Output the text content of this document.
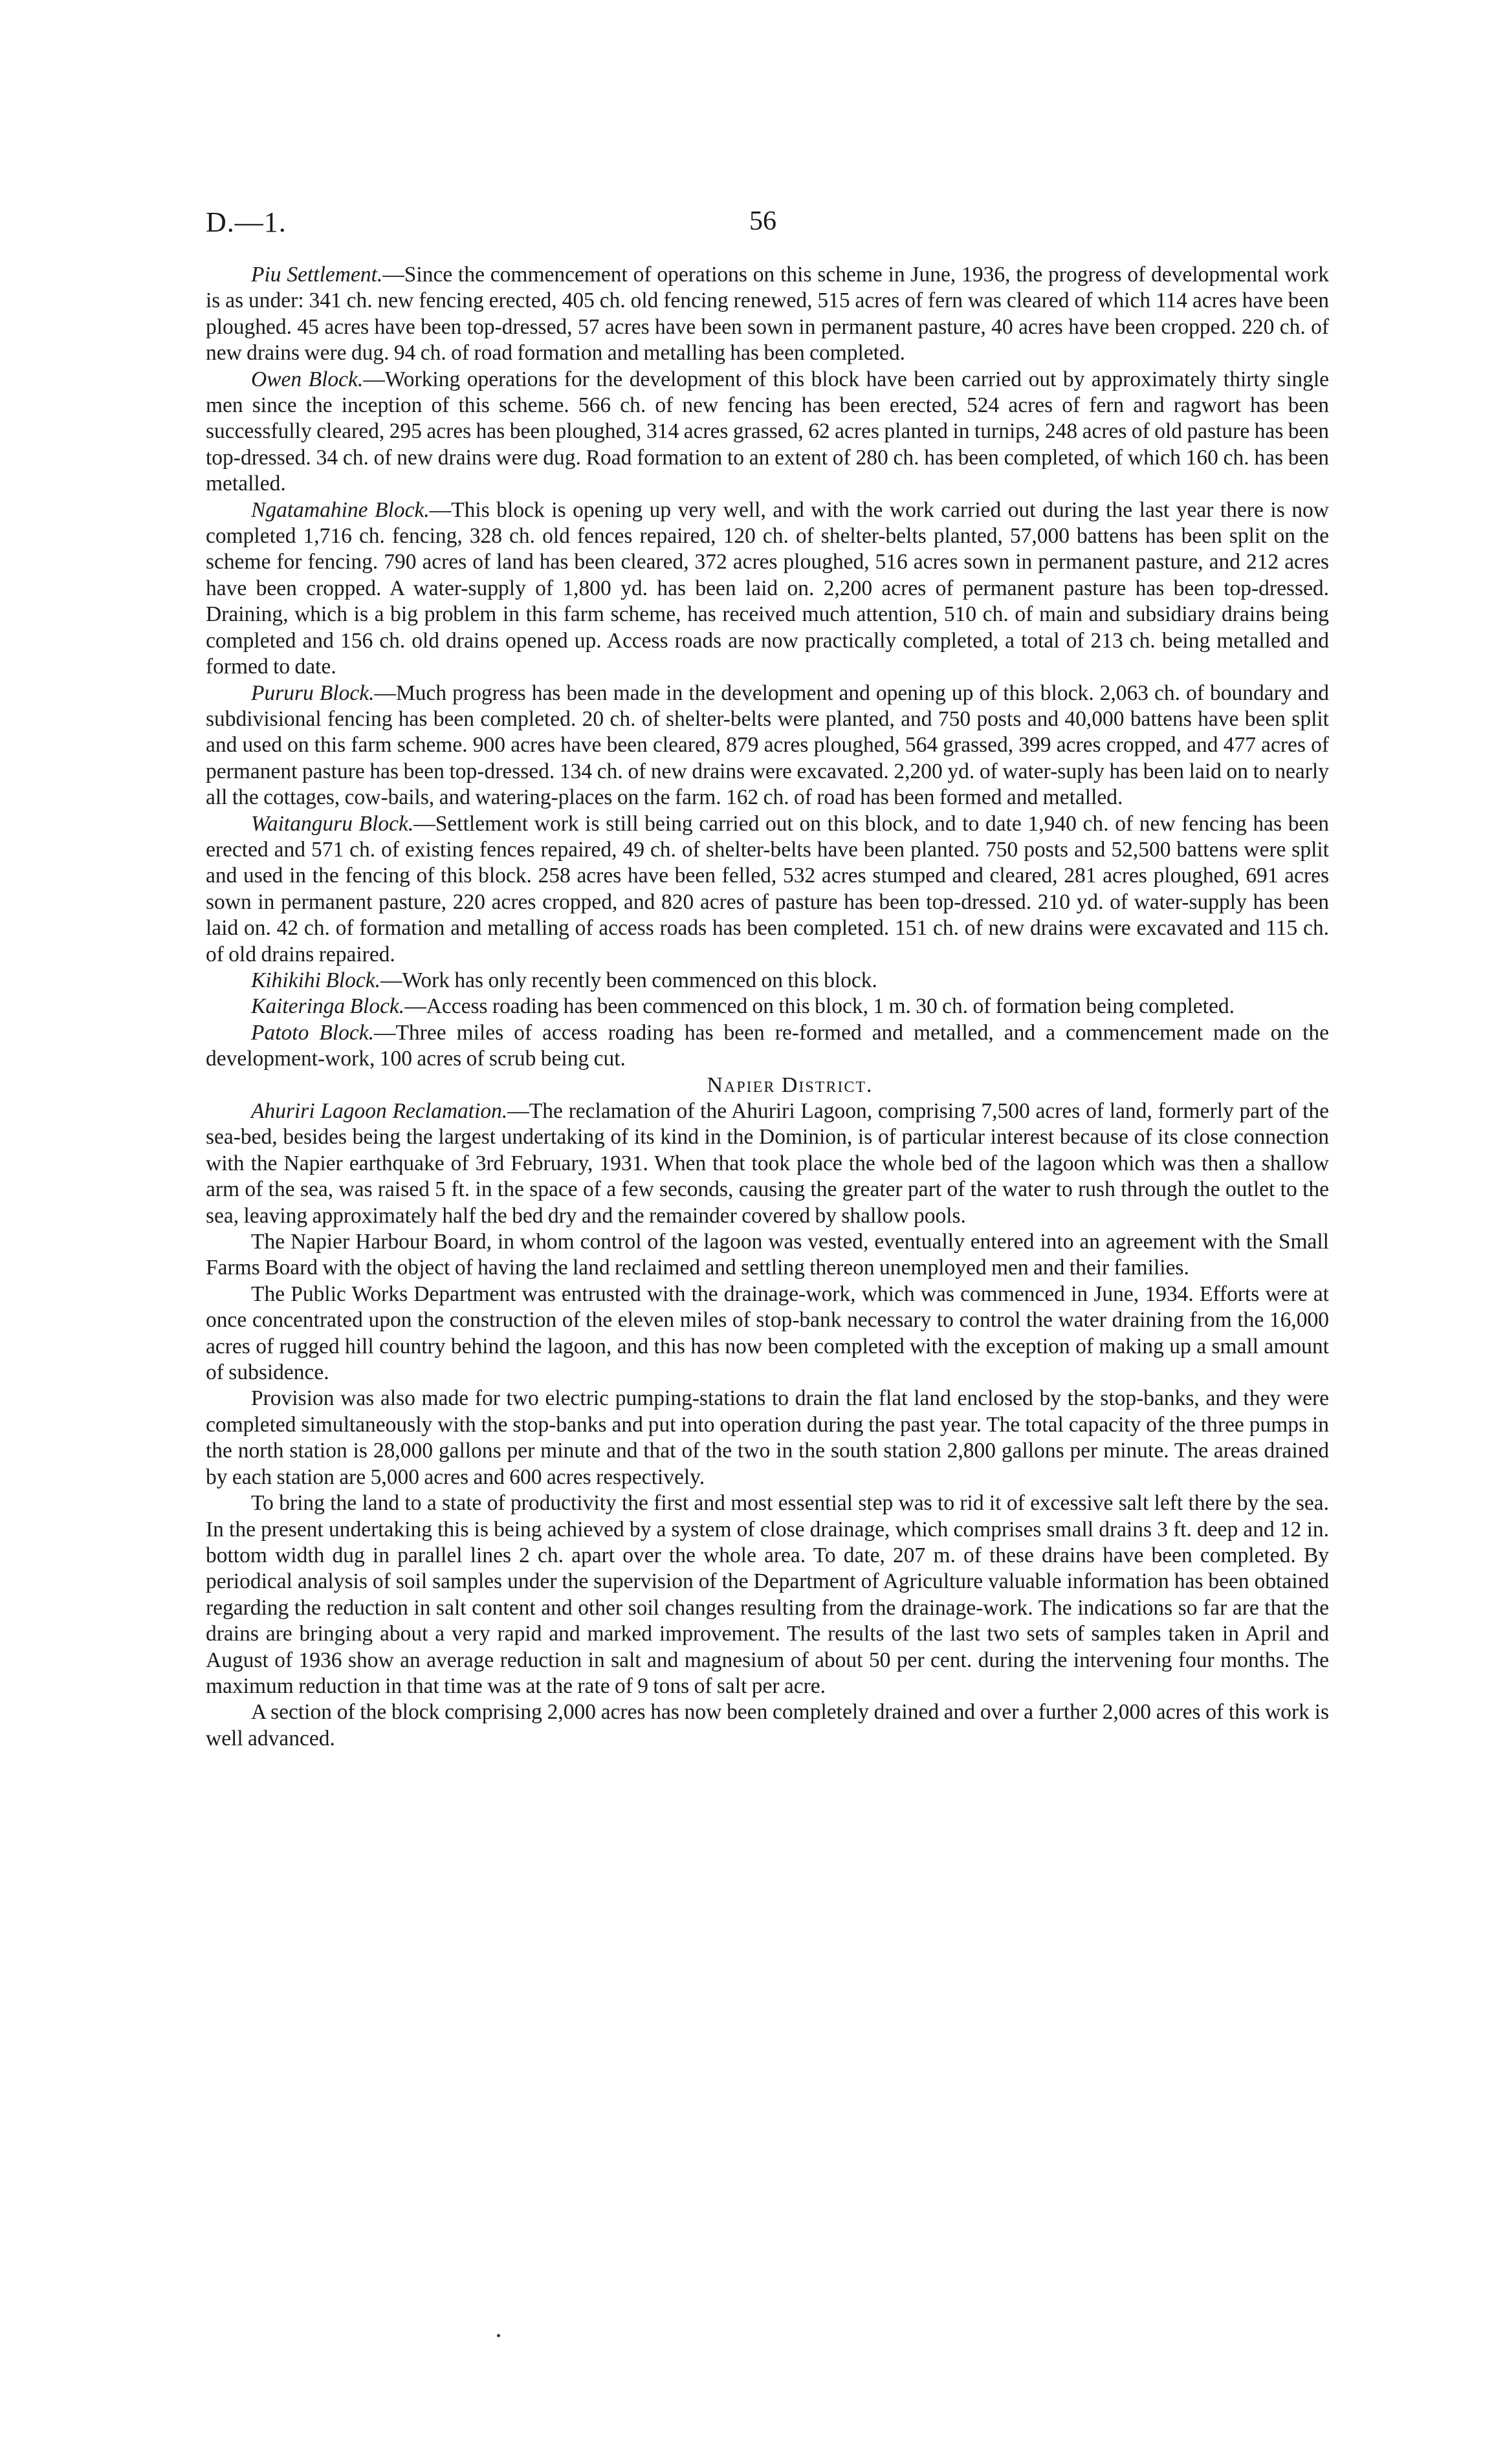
D.—1.	56

Piu Settlement.—Since the commencement of operations on this scheme in June, 1936, the progress of developmental work is as under: 341 ch. new fencing erected, 405 ch. old fencing renewed, 515 acres of fern was cleared of which 114 acres have been ploughed. 45 acres have been top-dressed, 57 acres have been sown in permanent pasture, 40 acres have been cropped. 220 ch. of new drains were dug. 94 ch. of road formation and metalling has been completed.

Owen Block.—Working operations for the development of this block have been carried out by approximately thirty single men since the inception of this scheme. 566 ch. of new fencing has been erected, 524 acres of fern and ragwort has been successfully cleared, 295 acres has been ploughed, 314 acres grassed, 62 acres planted in turnips, 248 acres of old pasture has been top-dressed. 34 ch. of new drains were dug. Road formation to an extent of 280 ch. has been completed, of which 160 ch. has been metalled.

Ngatamahine Block.—This block is opening up very well, and with the work carried out during the last year there is now completed 1,716 ch. fencing, 328 ch. old fences repaired, 120 ch. of shelter-belts planted, 57,000 battens has been split on the scheme for fencing. 790 acres of land has been cleared, 372 acres ploughed, 516 acres sown in permanent pasture, and 212 acres have been cropped. A water-supply of 1,800 yd. has been laid on. 2,200 acres of permanent pasture has been top-dressed. Draining, which is a big problem in this farm scheme, has received much attention, 510 ch. of main and subsidiary drains being completed and 156 ch. old drains opened up. Access roads are now practically completed, a total of 213 ch. being metalled and formed to date.

Pururu Block.—Much progress has been made in the development and opening up of this block. 2,063 ch. of boundary and subdivisional fencing has been completed. 20 ch. of shelter-belts were planted, and 750 posts and 40,000 battens have been split and used on this farm scheme. 900 acres have been cleared, 879 acres ploughed, 564 grassed, 399 acres cropped, and 477 acres of permanent pasture has been top-dressed. 134 ch. of new drains were excavated. 2,200 yd. of water-suply has been laid on to nearly all the cottages, cow-bails, and watering-places on the farm. 162 ch. of road has been formed and metalled.

Waitanguru Block.—Settlement work is still being carried out on this block, and to date 1,940 ch. of new fencing has been erected and 571 ch. of existing fences repaired, 49 ch. of shelter-belts have been planted. 750 posts and 52,500 battens were split and used in the fencing of this block. 258 acres have been felled, 532 acres stumped and cleared, 281 acres ploughed, 691 acres sown in permanent pasture, 220 acres cropped, and 820 acres of pasture has been top-dressed. 210 yd. of water-supply has been laid on. 42 ch. of formation and metalling of access roads has been completed. 151 ch. of new drains were excavated and 115 ch. of old drains repaired.

Kihikihi Block.—Work has only recently been commenced on this block.

Kaiteringa Block.—Access roading has been commenced on this block, 1 m. 30 ch. of formation being completed.

Patoto Block.—Three miles of access roading has been re-formed and metalled, and a commencement made on the development-work, 100 acres of scrub being cut.

Napier District.

Ahuriri Lagoon Reclamation.—The reclamation of the Ahuriri Lagoon, comprising 7,500 acres of land, formerly part of the sea-bed, besides being the largest undertaking of its kind in the Dominion, is of particular interest because of its close connection with the Napier earthquake of 3rd February, 1931. When that took place the whole bed of the lagoon which was then a shallow arm of the sea, was raised 5 ft. in the space of a few seconds, causing the greater part of the water to rush through the outlet to the sea, leaving approximately half the bed dry and the remainder covered by shallow pools.

The Napier Harbour Board, in whom control of the lagoon was vested, eventually entered into an agreement with the Small Farms Board with the object of having the land reclaimed and settling thereon unemployed men and their families.

The Public Works Department was entrusted with the drainage-work, which was commenced in June, 1934. Efforts were at once concentrated upon the construction of the eleven miles of stop-bank necessary to control the water draining from the 16,000 acres of rugged hill country behind the lagoon, and this has now been completed with the exception of making up a small amount of subsidence.

Provision was also made for two electric pumping-stations to drain the flat land enclosed by the stop-banks, and they were completed simultaneously with the stop-banks and put into operation during the past year. The total capacity of the three pumps in the north station is 28,000 gallons per minute and that of the two in the south station 2,800 gallons per minute. The areas drained by each station are 5,000 acres and 600 acres respectively.

To bring the land to a state of productivity the first and most essential step was to rid it of excessive salt left there by the sea. In the present undertaking this is being achieved by a system of close drainage, which comprises small drains 3 ft. deep and 12 in. bottom width dug in parallel lines 2 ch. apart over the whole area. To date, 207 m. of these drains have been completed. By periodical analysis of soil samples under the supervision of the Department of Agriculture valuable information has been obtained regarding the reduction in salt content and other soil changes resulting from the drainage-work. The indications so far are that the drains are bringing about a very rapid and marked improvement. The results of the last two sets of samples taken in April and August of 1936 show an average reduction in salt and magnesium of about 50 per cent. during the intervening four months. The maximum reduction in that time was at the rate of 9 tons of salt per acre.

A section of the block comprising 2,000 acres has now been completely drained and over a further 2,000 acres of this work is well advanced.
